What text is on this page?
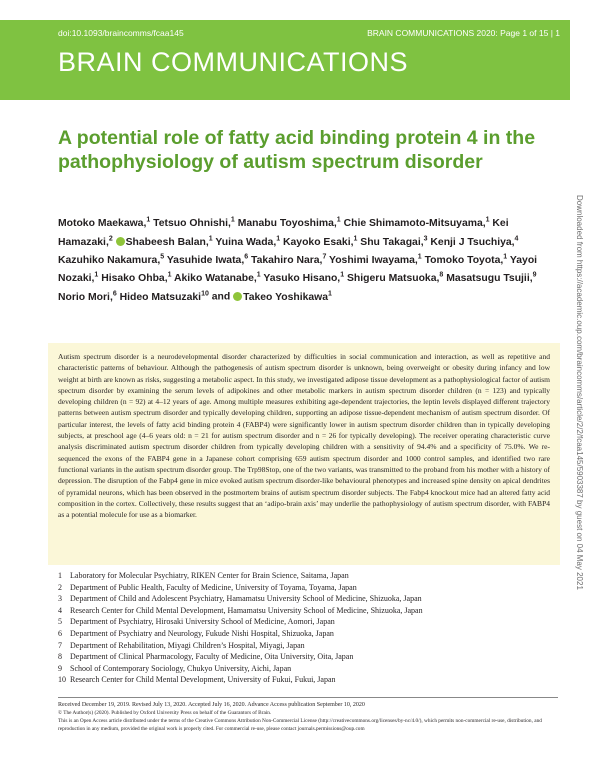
doi:10.1093/braincomms/fcaa145	BRAIN COMMUNICATIONS 2020: Page 1 of 15 | 1
BRAIN COMMUNICATIONS
A potential role of fatty acid binding protein 4 in the pathophysiology of autism spectrum disorder
Motoko Maekawa,$^1$ Tetsuo Ohnishi,$^1$ Manabu Toyoshima,$^1$ Chie Shimamoto-Mitsuyama,$^1$ Kei Hamazaki,$^2$ Shabeesh Balan,$^1$ Yuina Wada,$^1$ Kayoko Esaki,$^1$ Shu Takagai,$^3$ Kenji J Tsuchiya,$^4$ Kazuhiko Nakamura,$^5$ Yasuhide Iwata,$^6$ Takahiro Nara,$^7$ Yoshimi Iwayama,$^1$ Tomoko Toyota,$^1$ Yayoi Nozaki,$^1$ Hisako Ohba,$^1$ Akiko Watanabe,$^1$ Yasuko Hisano,$^1$ Shigeru Matsuoka,$^8$ Masatsugu Tsujii,$^9$ Norio Mori,$^6$ Hideo Matsuzaki$^{10}$ and Takeo Yoshikawa$^1$

Autism spectrum disorder is a neurodevelopmental disorder characterized by difficulties in social communication and interaction, as well as repetitive and characteristic patterns of behaviour. Although the pathogenesis of autism spectrum disorder is unknown, being overweight or obesity during infancy and low weight at birth are known as risks, suggesting a metabolic aspect. In this study, we investigated adipose tissue development as a pathophysiological factor of autism spectrum disorder by examining the serum levels of adipokines and other metabolic markers in autism spectrum disorder children (n = 123) and typically developing children (n = 92) at 4–12 years of age. Among multiple measures exhibiting age-dependent trajectories, the leptin levels displayed different trajectory patterns between autism spectrum disorder and typically developing children, supporting an adipose tissue-dependent mechanism of autism spectrum disorder. Of particular interest, the levels of fatty acid binding protein 4 (FABP4) were significantly lower in autism spectrum disorder children than in typically developing subjects, at preschool age (4–6 years old: n = 21 for autism spectrum disorder and n = 26 for typically developing). The receiver operating characteristic curve analysis discriminated autism spectrum disorder children from typically developing children with a sensitivity of 94.4% and a specificity of 75.0%. We re-sequenced the exons of the FABP4 gene in a Japanese cohort comprising 659 autism spectrum disorder and 1000 control samples, and identified two rare functional variants in the autism spectrum disorder group. The Trp98Stop, one of the two variants, was transmitted to the proband from his mother with a history of depression. The disruption of the Fabp4 gene in mice evoked autism spectrum disorder-like behavioural phenotypes and increased spine density on apical dendrites of pyramidal neurons, which has been observed in the postmortem brains of autism spectrum disorder subjects. The Fabp4 knockout mice had an altered fatty acid composition in the cortex. Collectively, these results suggest that an ‘adipo-brain axis’ may underlie the pathophysiology of autism spectrum disorder, with FABP4 as a potential molecule for use as a biomarker.

1	Laboratory for Molecular Psychiatry, RIKEN Center for Brain Science, Saitama, Japan
2	Department of Public Health, Faculty of Medicine, University of Toyama, Toyama, Japan
3	Department of Child and Adolescent Psychiatry, Hamamatsu University School of Medicine, Shizuoka, Japan
4	Research Center for Child Mental Development, Hamamatsu University School of Medicine, Shizuoka, Japan
5	Department of Psychiatry, Hirosaki University School of Medicine, Aomori, Japan
6	Department of Psychiatry and Neurology, Fukude Nishi Hospital, Shizuoka, Japan
7	Department of Rehabilitation, Miyagi Children’s Hospital, Miyagi, Japan
8	Department of Clinical Pharmacology, Faculty of Medicine, Oita University, Oita, Japan
9	School of Contemporary Sociology, Chukyo University, Aichi, Japan
10 Research Center for Child Mental Development, University of Fukui, Fukui, Japan
Received December 19, 2019. Revised July 13, 2020. Accepted July 16, 2020. Advance Access publication September 10, 2020
© The Author(s) (2020). Published by Oxford University Press on behalf of the Guarantors of Brain.
This is an Open Access article distributed under the terms of the Creative Commons Attribution Non-Commercial License (http://creativecommons.org/licenses/by-nc/4.0/), which permits non-commercial re-use, distribution, and reproduction in any medium, provided the original work is properly cited. For commercial re-use, please contact journals.permissions@oup.com
Downloaded from https://academic.oup.com/braincomms/article/2/2/fcaa145/5903387 by guest on 04 May 2021
